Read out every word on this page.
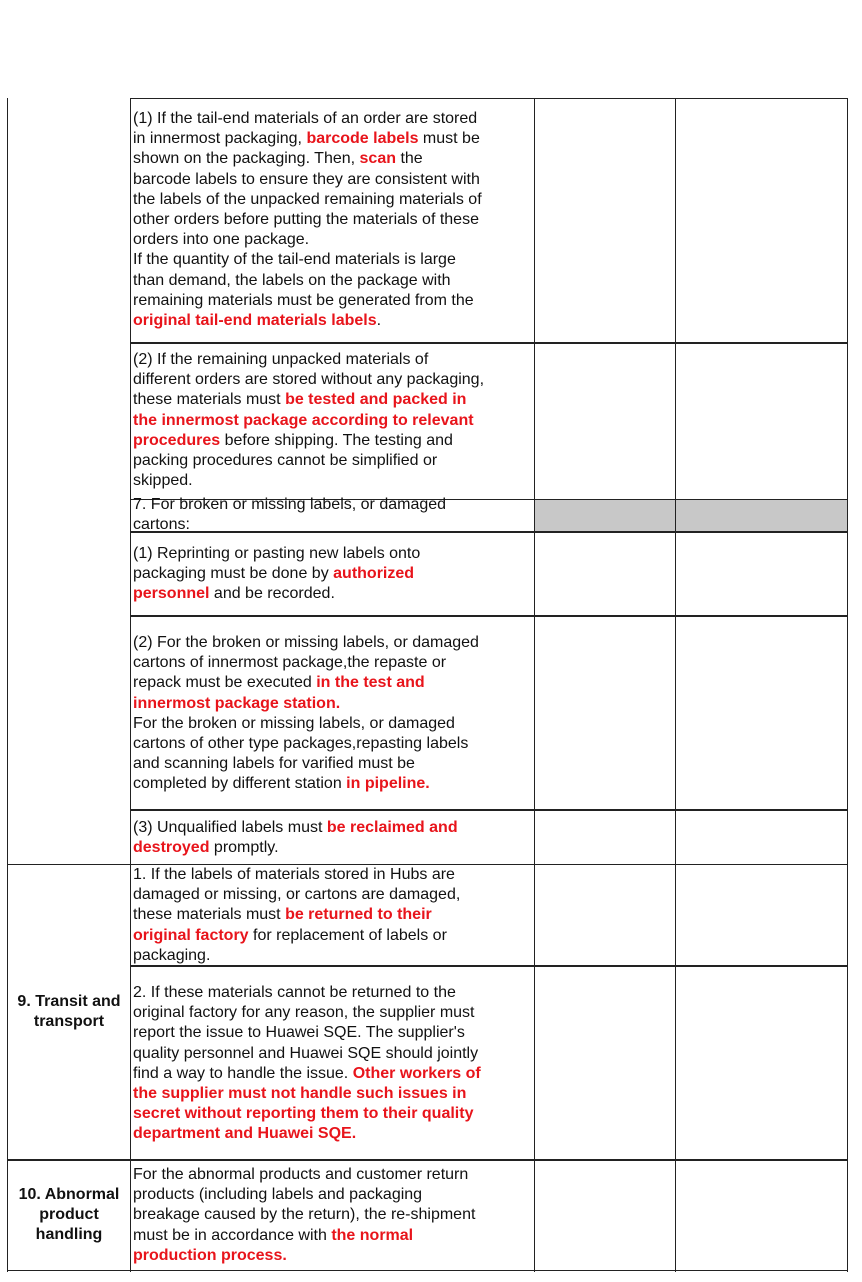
9. Transit and
transport
10. Abnormal
product
handling
(1) If the tail-end materials of an order are stored
in innermost packaging, barcode labels must be
shown on the packaging. Then, scan the
barcode labels to ensure they are consistent with
the labels of the unpacked remaining materials of
other orders before putting the materials of these
orders into one package.
If the quantity of the tail-end materials is large
than demand, the labels on the package with
remaining materials must be generated from the
original tail-end materials labels.
(2) If the remaining unpacked materials of
different orders are stored without any packaging,
these materials must be tested and packed in
the innermost package according to relevant
procedures before shipping. The testing and
packing procedures cannot be simplified or
skipped.
7. For broken or missing labels, or damaged
cartons:
(1) Reprinting or pasting new labels onto
packaging must be done by authorized
personnel and be recorded.
(2) For the broken or missing labels, or damaged
cartons of innermost package,the repaste or
repack must be executed in the test and
innermost package station.
For the broken or missing labels, or damaged
cartons of other type packages,repasting labels
and scanning labels for varified must be
completed by different station in pipeline.
(3) Unqualified labels must be reclaimed and
destroyed promptly.
1. If the labels of materials stored in Hubs are
damaged or missing, or cartons are damaged,
these materials must be returned to their
original factory for replacement of labels or
packaging.
2. If these materials cannot be returned to the
original factory for any reason, the supplier must
report the issue to Huawei SQE. The supplier's
quality personnel and Huawei SQE should jointly
find a way to handle the issue. Other workers of
the supplier must not handle such issues in
secret without reporting them to their quality
department and Huawei SQE.
For the abnormal products and customer return
products (including labels and packaging
breakage caused by the return), the re-shipment
must be in accordance with the normal
production process.
